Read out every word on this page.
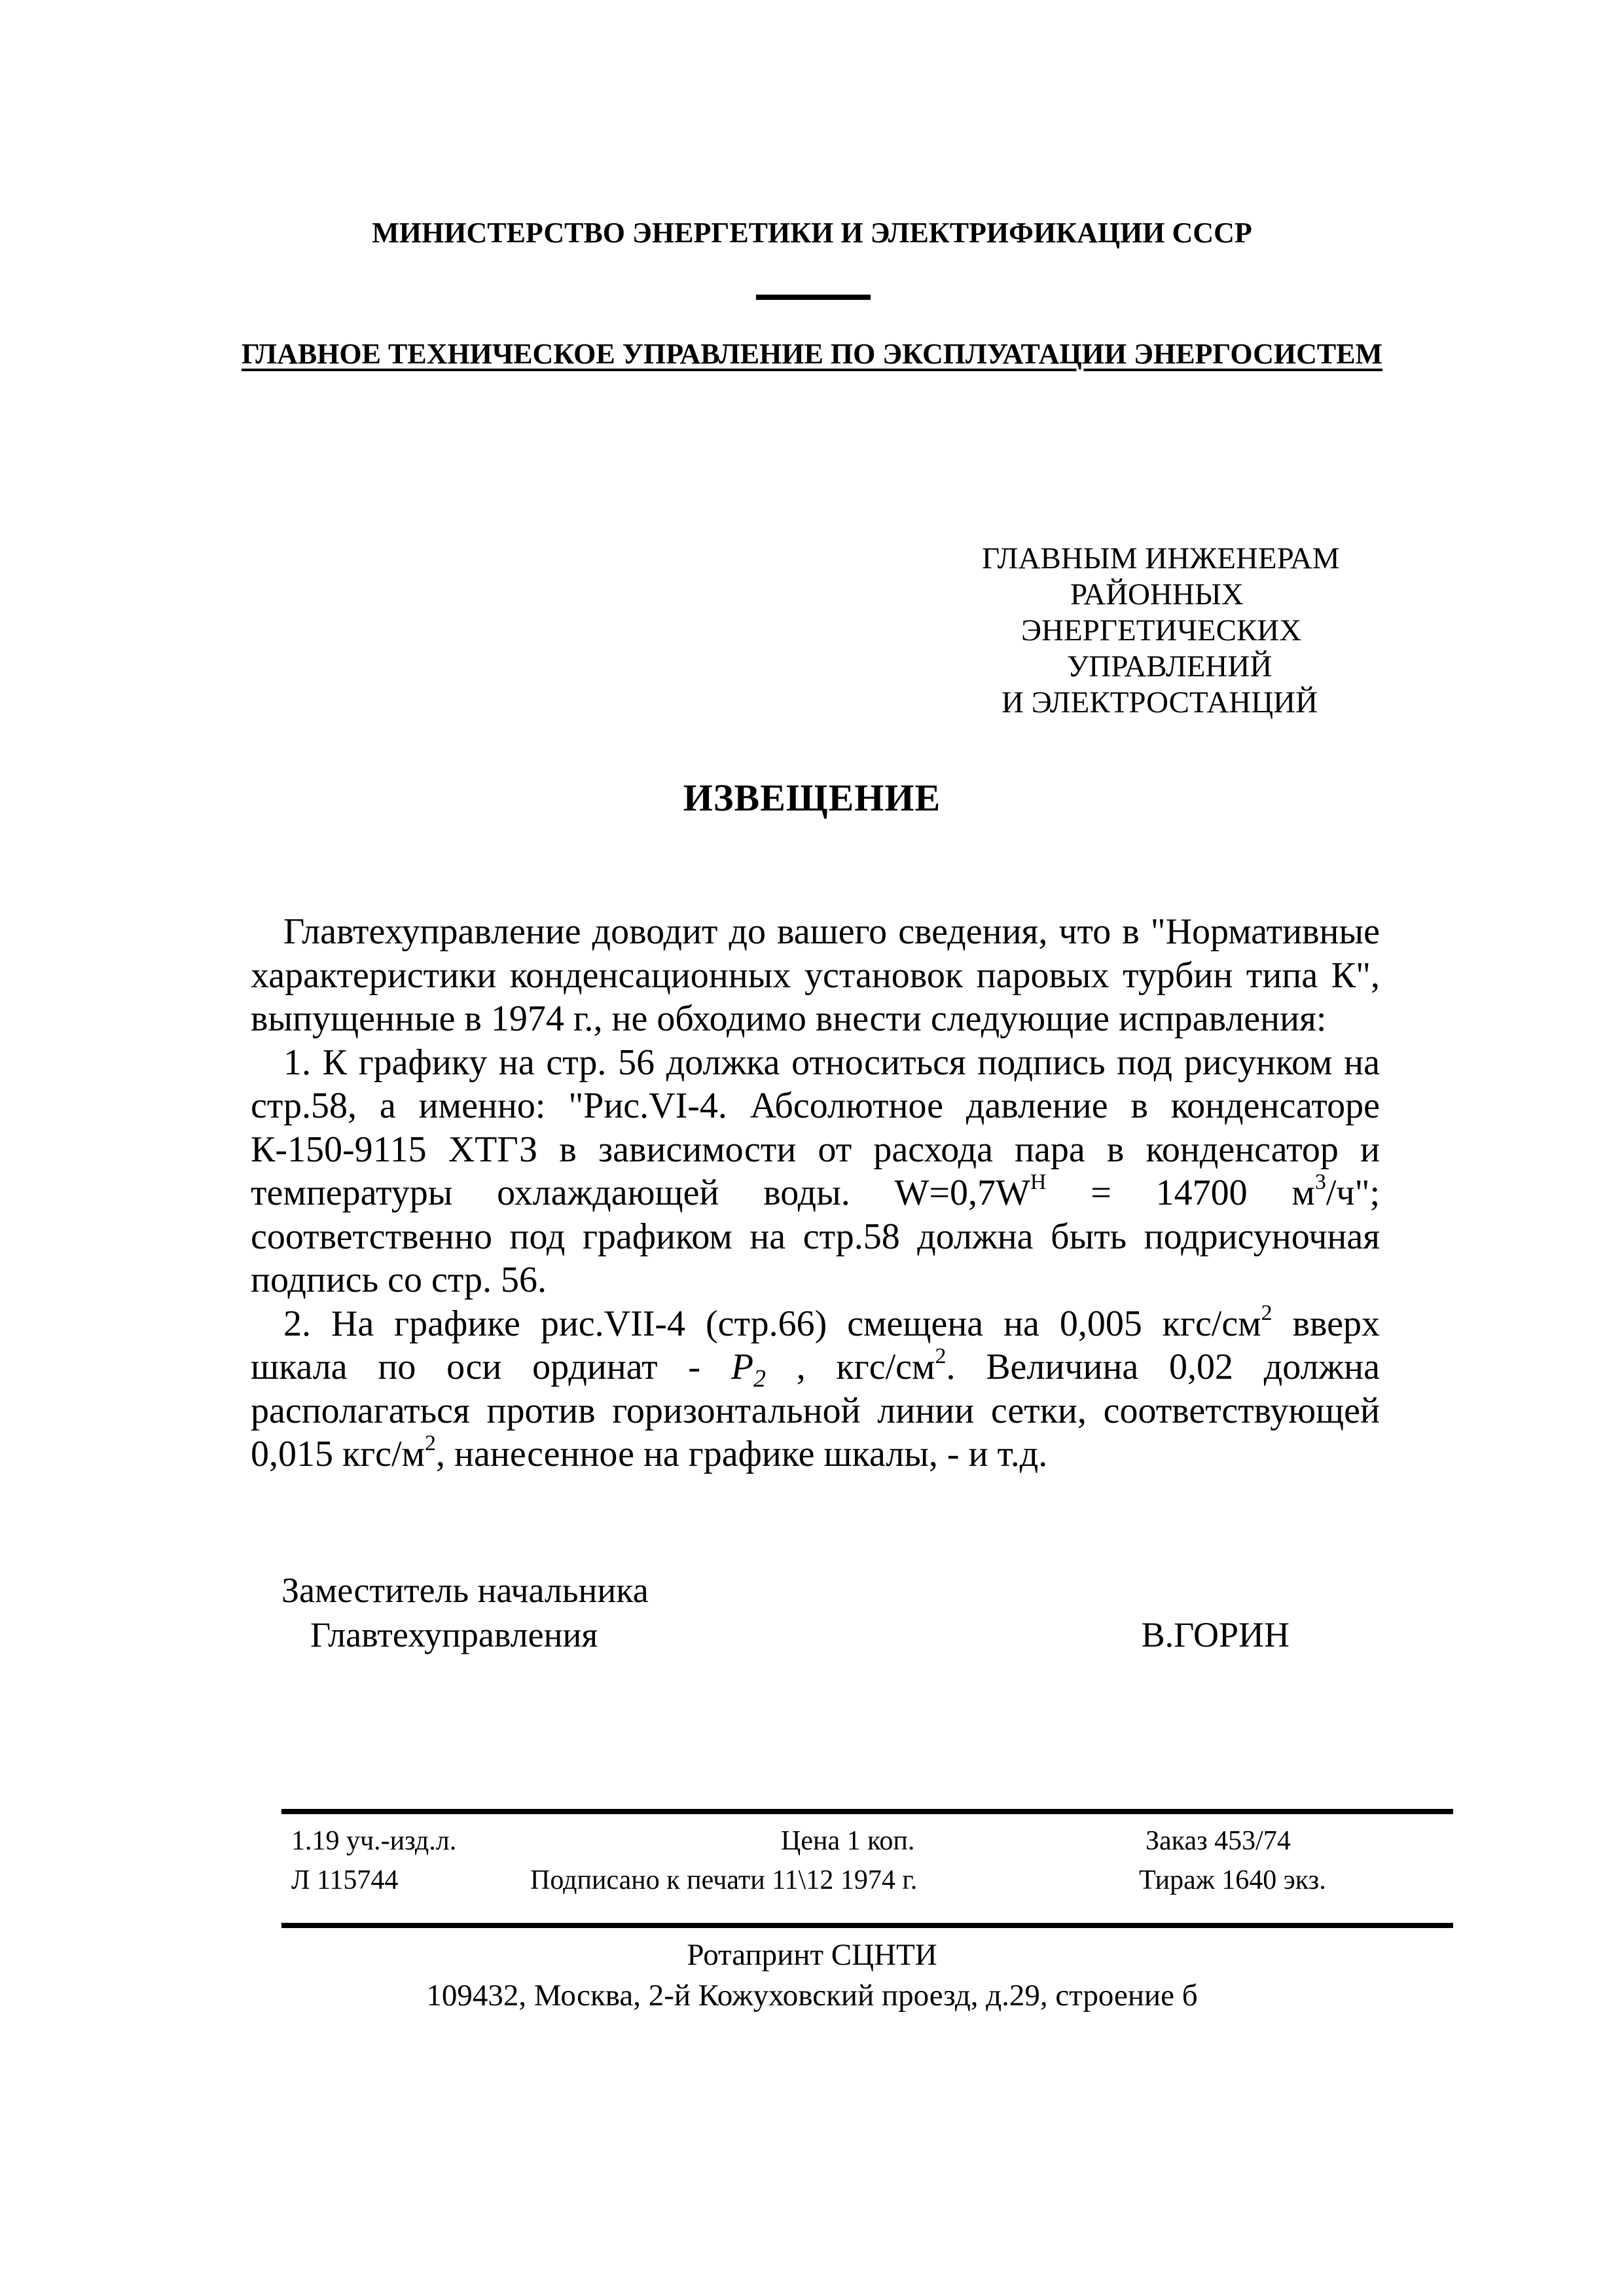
МИНИСТЕРСТВО ЭНЕРГЕТИКИ И ЭЛЕКТРИФИКАЦИИ СССР
ГЛАВНОЕ ТЕХНИЧЕСКОЕ УПРАВЛЕНИЕ ПО ЭКСПЛУАТАЦИИ ЭНЕРГОСИСТЕМ
ГЛАВНЫМ ИНЖЕНЕРАМ
РАЙОННЫХ
ЭНЕРГЕТИЧЕСКИХ
УПРАВЛЕНИЙ
И ЭЛЕКТРОСТАНЦИЙ
ИЗВЕЩЕНИЕ

Главтехуправление доводит до вашего сведения, что в "Нормативные характеристики конденсационных установок паровых турбин типа К", выпущенные в 1974 г., не обходимо внести следующие исправления:

1. К графику на стр. 56 должка относиться подпись под рисунком на стр.58, а именно: "Рис.VI-4. Абсолютное давление в конденсаторе К-150-9115 ХТГЗ в зависимости от расхода пара в конденсатор и температуры охлаждающей воды. $W=0,7W^Н = 14700$ $м^3/ч$"; соответственно под графиком на стр.58 должна быть подрисуночная подпись со стр. 56.

2. На графике рис.VII-4 (стр.66) смещена на 0,005 кгс/$см^2$ вверх шкала по оси ординат - $P_2$ , кгс/$см^2$. Величина 0,02 должна располагаться против горизонтальной линии сетки, соответствующей 0,015 кгс/$м^2$, нанесенное на графике шкалы, - и т.д.

Заместитель начальника
Главтехуправления	В.ГОРИН
1.19 уч.-изд.л.	Цена 1 коп.	Заказ 453/74
Л 115744	Подписано к печати 11\12 1974 г.	Тираж 1640 экз.
Ротапринт СЦНТИ
109432, Москва, 2-й Кожуховский проезд, д.29, строение б
